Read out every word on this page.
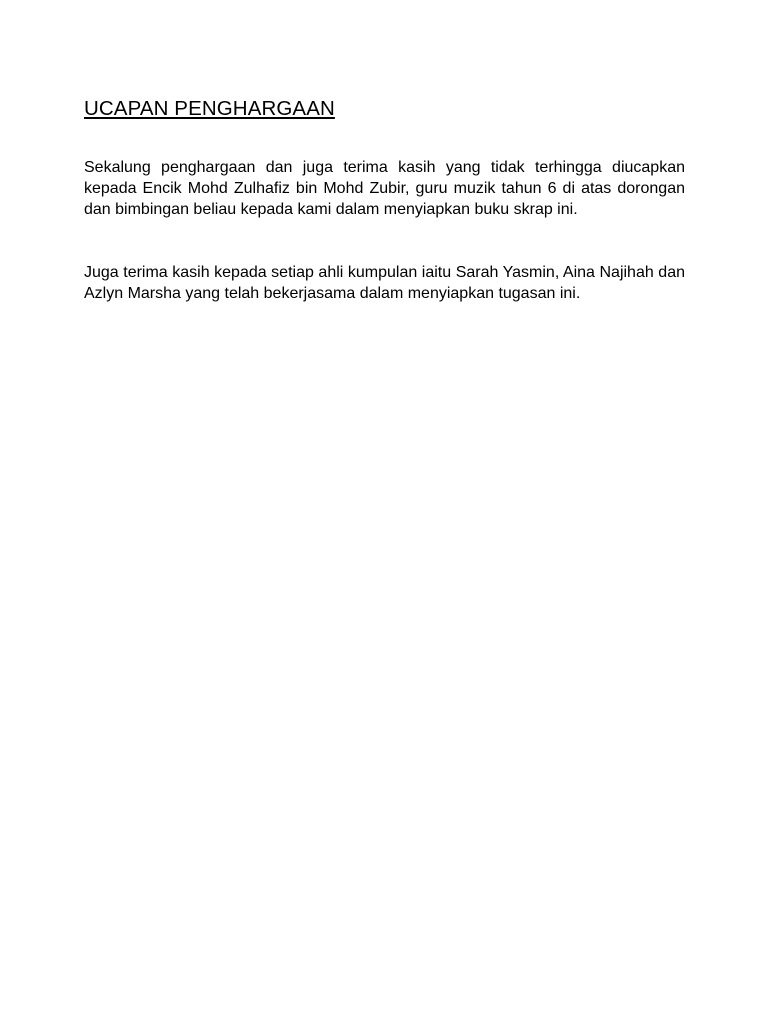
UCAPAN PENGHARGAAN

Sekalung penghargaan dan juga terima kasih yang tidak terhingga diucapkan kepada Encik Mohd Zulhafiz bin Mohd Zubir, guru muzik tahun 6 di atas dorongan dan bimbingan beliau kepada kami dalam menyiapkan buku skrap ini.

Juga terima kasih kepada setiap ahli kumpulan iaitu Sarah Yasmin, Aina Najihah dan Azlyn Marsha yang telah bekerjasama dalam menyiapkan tugasan ini.
